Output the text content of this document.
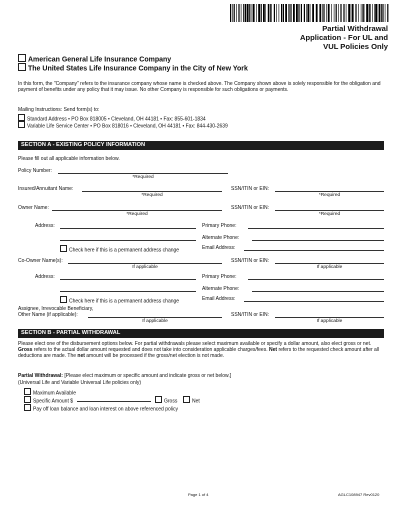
Partial Withdrawal
Application - For UL and
VUL Policies Only
American General Life Insurance Company
The United States Life Insurance Company in the City of New York
In this form, the "Company" refers to the insurance company whose name is checked above. The Company shown above is solely responsible for the obligation and payment of benefits under any policy that it may issue. No other Company is responsible for such obligations or payments.
Mailing Instructions: Send form(s) to:
Standard Address • PO Box 818005 • Cleveland, OH 44181 • Fax: 855-601-1834
Variable Life Service Center • PO Box 818016 • Cleveland, OH 44181 • Fax: 844-430-2639
SECTION A - EXISTING POLICY INFORMATION
Please fill out all applicable information below.
Policy Number:
*Required
Insured/Annuitant Name:
*Required
SSN/ITIN or EIN:
*Required
Owner Name:
*Required
SSN/ITIN or EIN:
*Required
Address:	Primary Phone:
Alternate Phone:
Check here if this is a permanent address change	Email Address:
Co-Owner Name(s):
If applicable
SSN/ITIN or EIN:
If applicable
Address:	Primary Phone:
Alternate Phone:
Check here if this is a permanent address change	Email Address:
Assignee, Irrevocable Beneficiary,
Other Name (if applicable):
If applicable
SSN/ITIN or EIN:
If applicable
SECTION B - PARTIAL WITHDRAWAL
Please elect one of the disbursement options below. For partial withdrawals please select maximum available or specify a dollar amount, also elect gross or net. Gross refers to the actual dollar amount requested and does not take into consideration applicable charges/fees. Net refers to the requested check amount after all deductions are made. The net amount will be processed if the gross/net election is not made.
Partial Withdrawal: [Please elect maximum or specific amount and indicate gross or net below.]
(Universal Life and Variable Universal Life policies only)
Maximum Available
Specific Amount $	Gross	Net
Pay off loan balance and loan interest on above referenced policy
Page 1 of 4	AGLC108947 Rev0120
